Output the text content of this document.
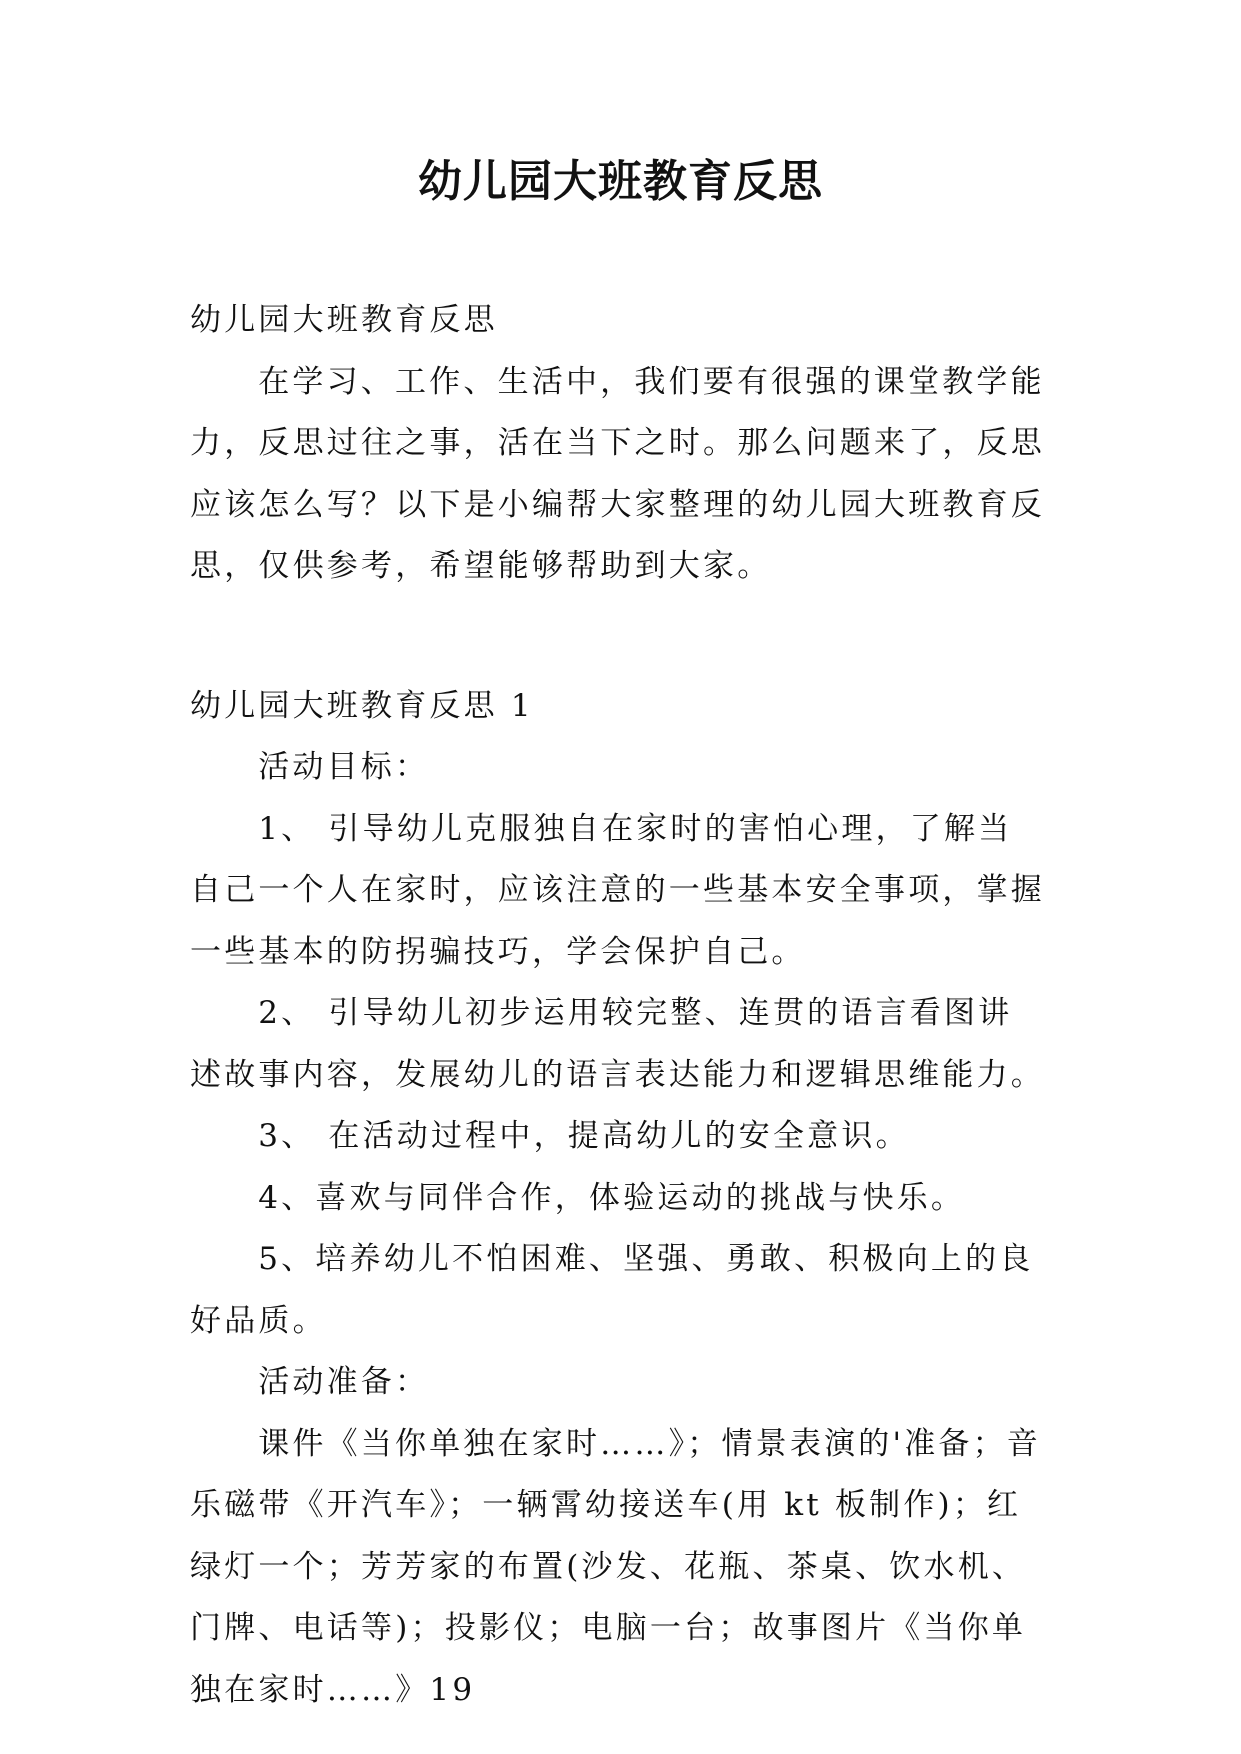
幼儿园大班教育反思

幼儿园大班教育反思

在学习、工作、生活中，我们要有很强的课堂教学能力，反思过往之事，活在当下之时。那么问题来了，反思应该怎么写？以下是小编帮大家整理的幼儿园大班教育反思，仅供参考，希望能够帮助到大家。

幼儿园大班教育反思 1

活动目标：

1、 引导幼儿克服独自在家时的害怕心理，了解当自己一个人在家时，应该注意的一些基本安全事项，掌握一些基本的防拐骗技巧，学会保护自己。

2、 引导幼儿初步运用较完整、连贯的语言看图讲述故事内容，发展幼儿的语言表达能力和逻辑思维能力。

3、 在活动过程中，提高幼儿的安全意识。

4、喜欢与同伴合作，体验运动的挑战与快乐。

5、培养幼儿不怕困难、坚强、勇敢、积极向上的良好品质。

活动准备：

课件《当你单独在家时……》；情景表演的'准备；音乐磁带《开汽车》；一辆霄幼接送车(用 kt 板制作)；红绿灯一个；芳芳家的布置(沙发、花瓶、茶桌、饮水机、门牌、电话等)；投影仪；电脑一台；故事图片《当你单独在家时……》19
